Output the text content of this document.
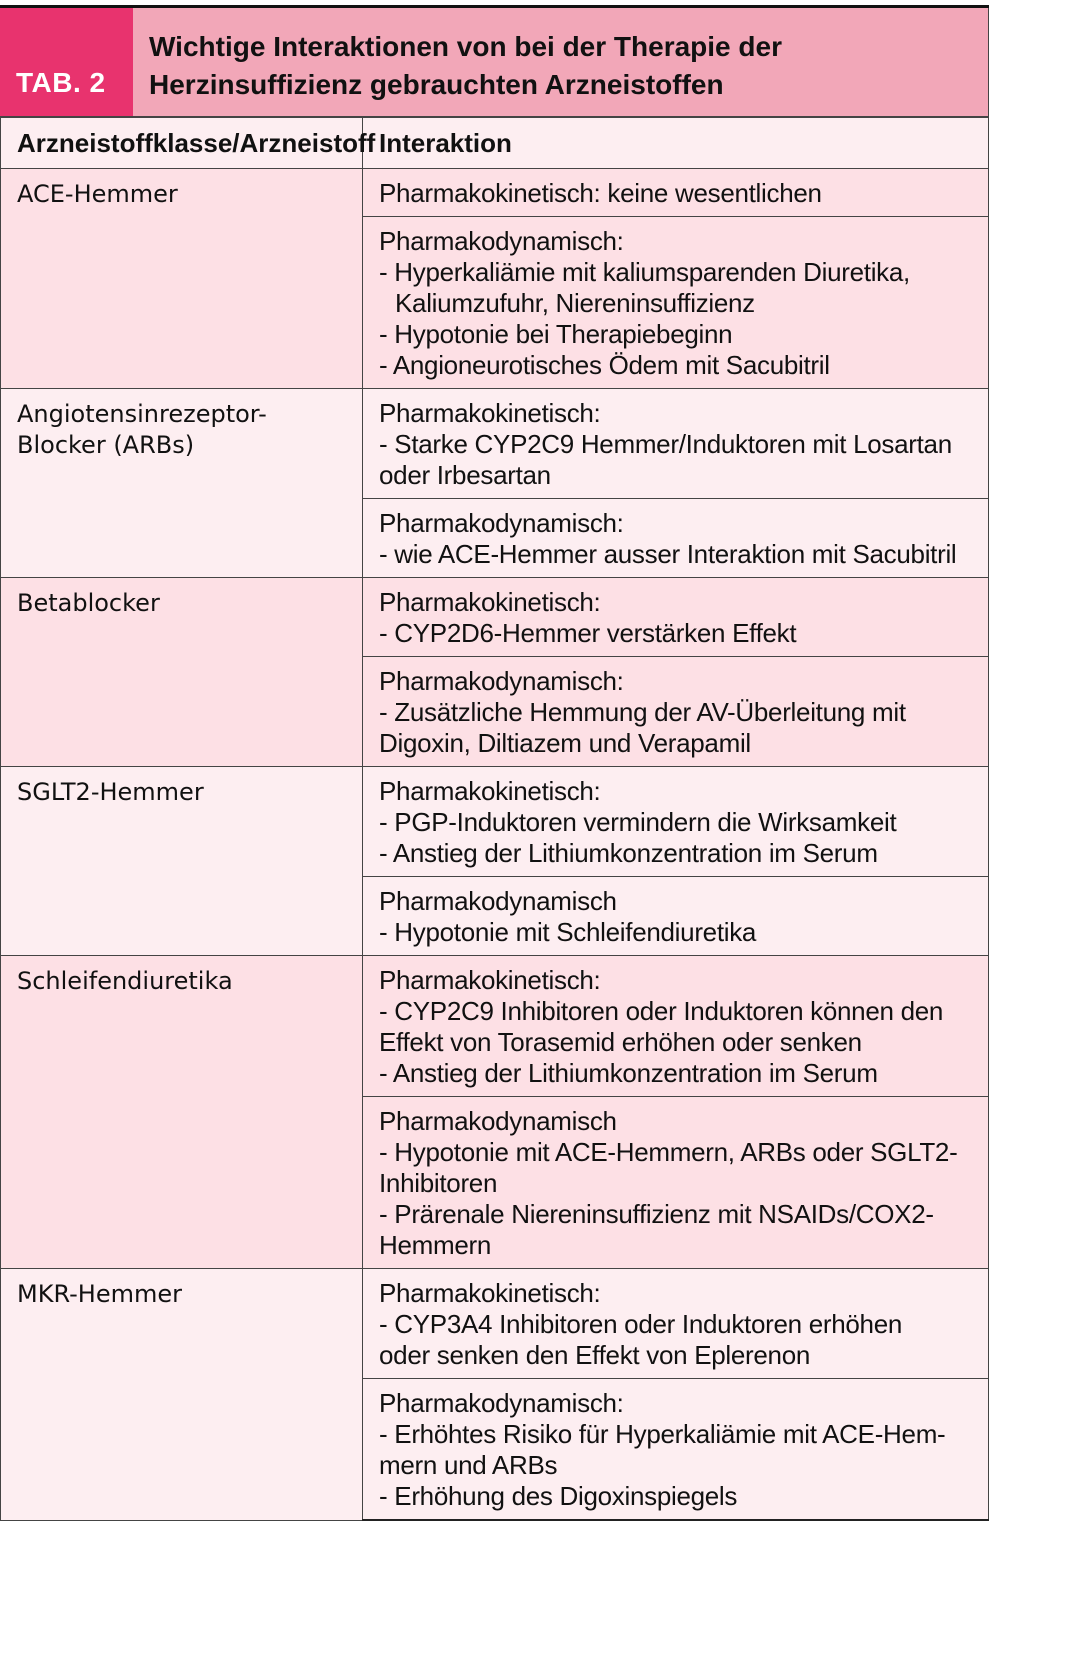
TAB. 2
Wichtige Interaktionen von bei der Therapie der
Herzinsuffizienz gebrauchten Arzneistoffen
Arzneistoffklasse/Arzneistoff	Interaktion
ACE-Hemmer	Pharmakokinetisch: keine wesentlichen

	Pharmakodynamisch:
- Hyperkaliämie mit kaliumsparenden Diuretika,
Kaliumzufuhr, Niereninsuffizienz
- Hypotonie bei Therapiebeginn
- Angioneurotisches Ödem mit Sacubitril

Angiotensinrezeptor-Blocker (ARBs)	Pharmakokinetisch:
- Starke CYP2C9 Hemmer/Induktoren mit Losartan
oder Irbesartan

	Pharmakodynamisch:
- wie ACE-Hemmer ausser Interaktion mit Sacubitril

Betablocker	Pharmakokinetisch:
- CYP2D6-Hemmer verstärken Effekt

	Pharmakodynamisch:
- Zusätzliche Hemmung der AV-Überleitung mit
Digoxin, Diltiazem und Verapamil

SGLT2-Hemmer	Pharmakokinetisch:
- PGP-Induktoren vermindern die Wirksamkeit
- Anstieg der Lithiumkonzentration im Serum

	Pharmakodynamisch
- Hypotonie mit Schleifendiuretika

Schleifendiuretika	Pharmakokinetisch:
- CYP2C9 Inhibitoren oder Induktoren können den
Effekt von Torasemid erhöhen oder senken
- Anstieg der Lithiumkonzentration im Serum

	Pharmakodynamisch
- Hypotonie mit ACE-Hemmern, ARBs oder SGLT2-
Inhibitoren
- Prärenale Niereninsuffizienz mit NSAIDs/COX2-
Hemmern

MKR-Hemmer	Pharmakokinetisch:
- CYP3A4 Inhibitoren oder Induktoren erhöhen
oder senken den Effekt von Eplerenon

	Pharmakodynamisch:
- Erhöhtes Risiko für Hyperkaliämie mit ACE-Hem-
mern und ARBs
- Erhöhung des Digoxinspiegels
